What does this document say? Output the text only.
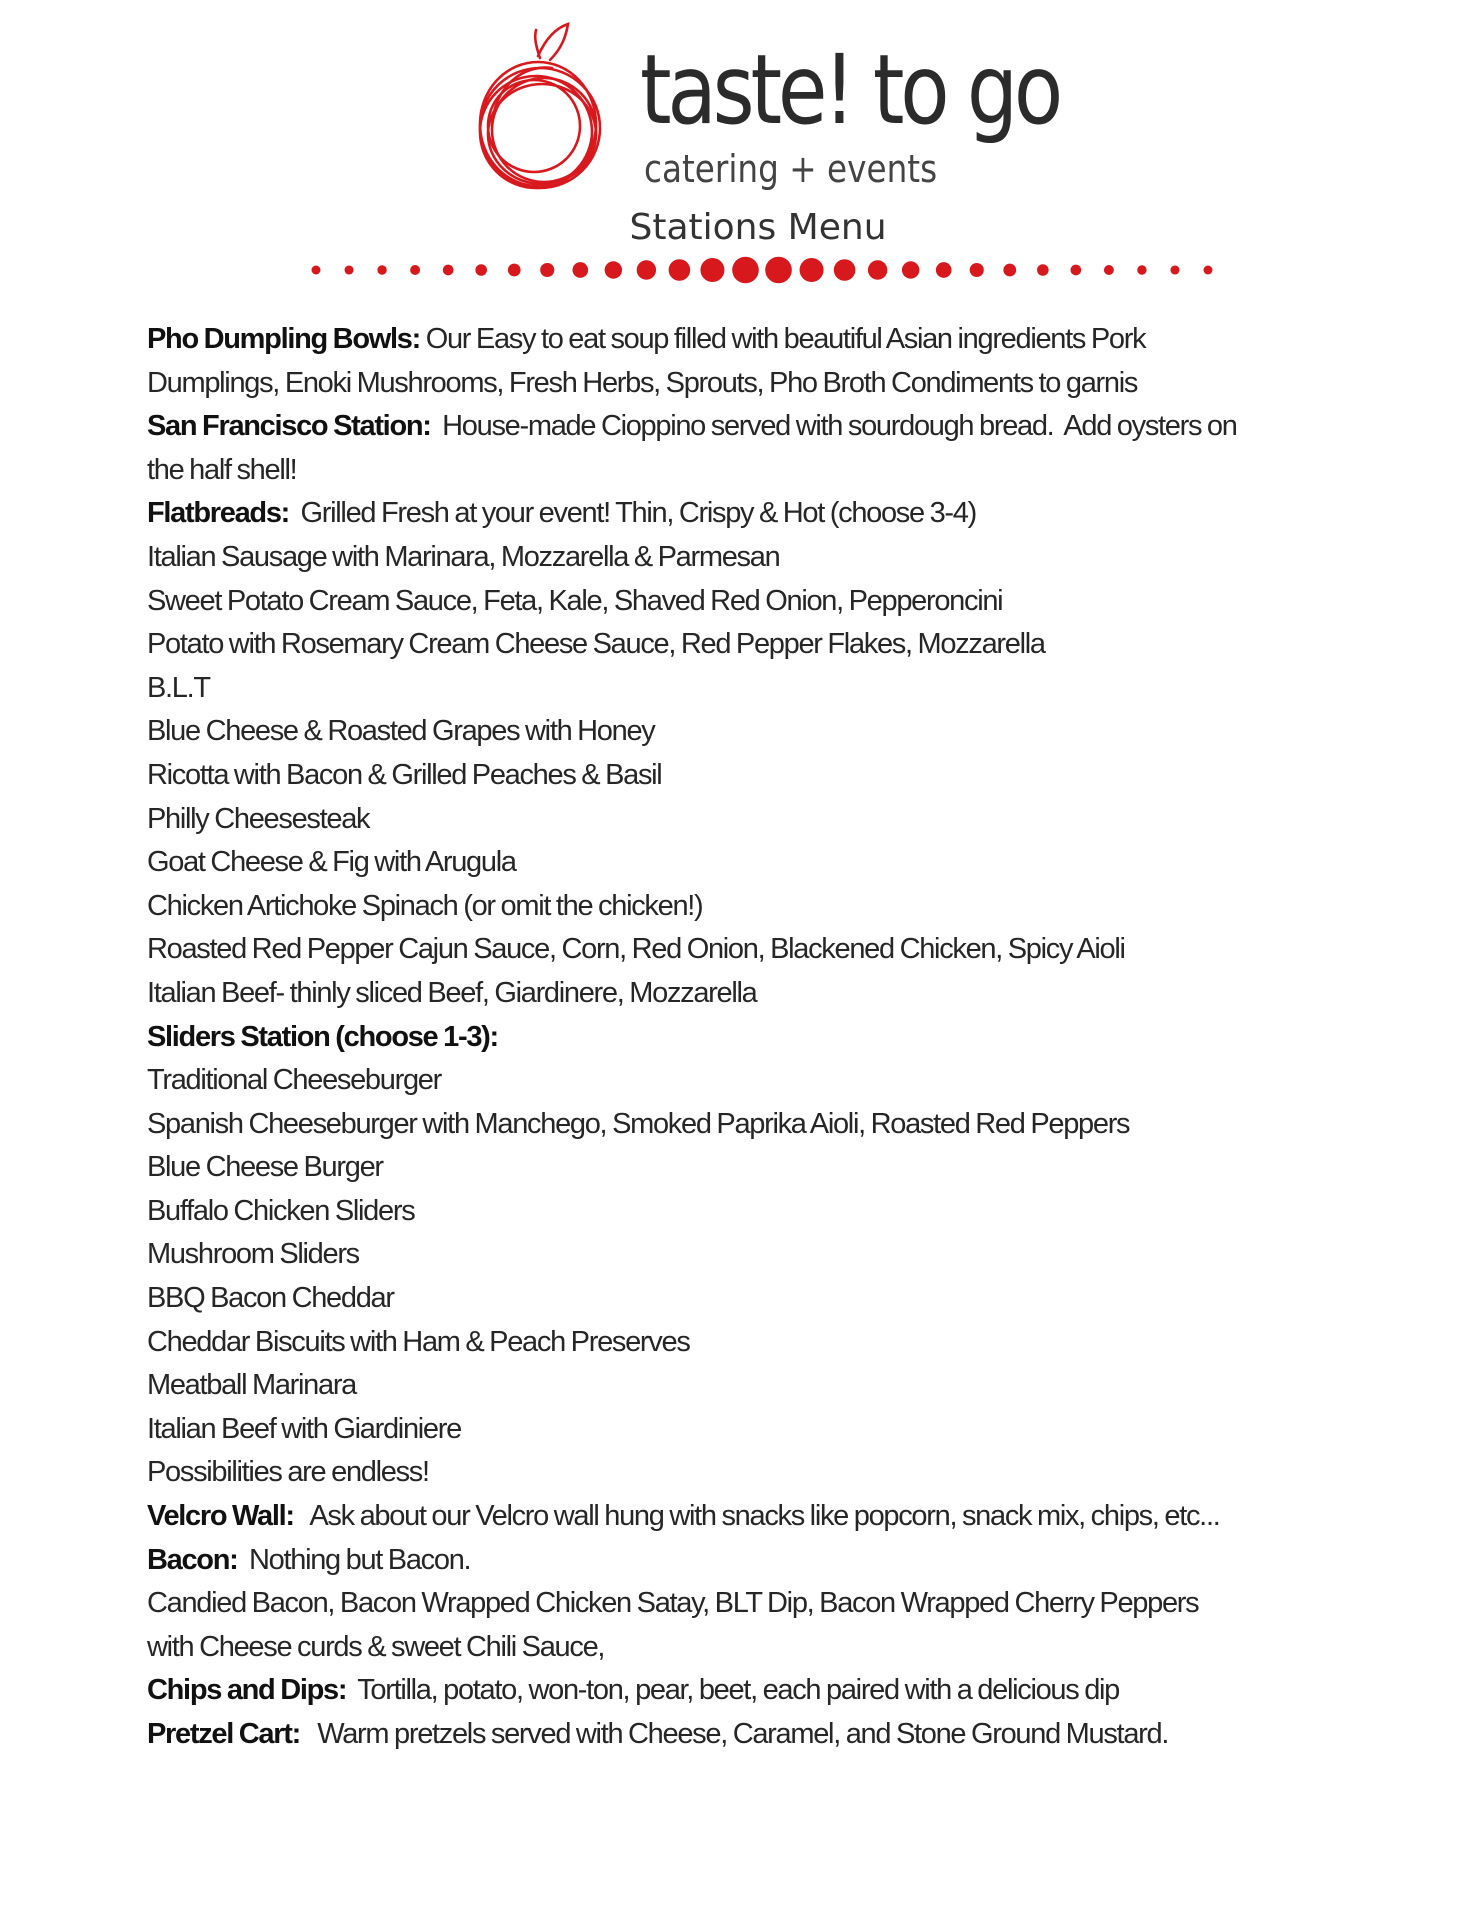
taste! to go
catering + events
Stations Menu
Pho Dumpling Bowls: Our Easy to eat soup filled with beautiful Asian ingredients Pork
Dumplings, Enoki Mushrooms, Fresh Herbs, Sprouts, Pho Broth Condiments to garnis
San Francisco Station:  House-made Cioppino served with sourdough bread.  Add oysters on
the half shell!
Flatbreads:  Grilled Fresh at your event! Thin, Crispy & Hot (choose 3-4)
Italian Sausage with Marinara, Mozzarella & Parmesan
Sweet Potato Cream Sauce, Feta, Kale, Shaved Red Onion, Pepperoncini
Potato with Rosemary Cream Cheese Sauce, Red Pepper Flakes, Mozzarella
B.L.T
Blue Cheese & Roasted Grapes with Honey
Ricotta with Bacon & Grilled Peaches & Basil
Philly Cheesesteak
Goat Cheese & Fig with Arugula
Chicken Artichoke Spinach (or omit the chicken!)
Roasted Red Pepper Cajun Sauce, Corn, Red Onion, Blackened Chicken, Spicy Aioli
Italian Beef- thinly sliced Beef, Giardinere, Mozzarella
Sliders Station (choose 1-3):
Traditional Cheeseburger
Spanish Cheeseburger with Manchego, Smoked Paprika Aioli, Roasted Red Peppers
Blue Cheese Burger
Buffalo Chicken Sliders
Mushroom Sliders
BBQ Bacon Cheddar
Cheddar Biscuits with Ham & Peach Preserves
Meatball Marinara
Italian Beef with Giardiniere
Possibilities are endless!
Velcro Wall:   Ask about our Velcro wall hung with snacks like popcorn, snack mix, chips, etc...
Bacon:  Nothing but Bacon.
Candied Bacon, Bacon Wrapped Chicken Satay, BLT Dip, Bacon Wrapped Cherry Peppers
with Cheese curds & sweet Chili Sauce,
Chips and Dips:  Tortilla, potato, won-ton, pear, beet, each paired with a delicious dip
Pretzel Cart:   Warm pretzels served with Cheese, Caramel, and Stone Ground Mustard.
